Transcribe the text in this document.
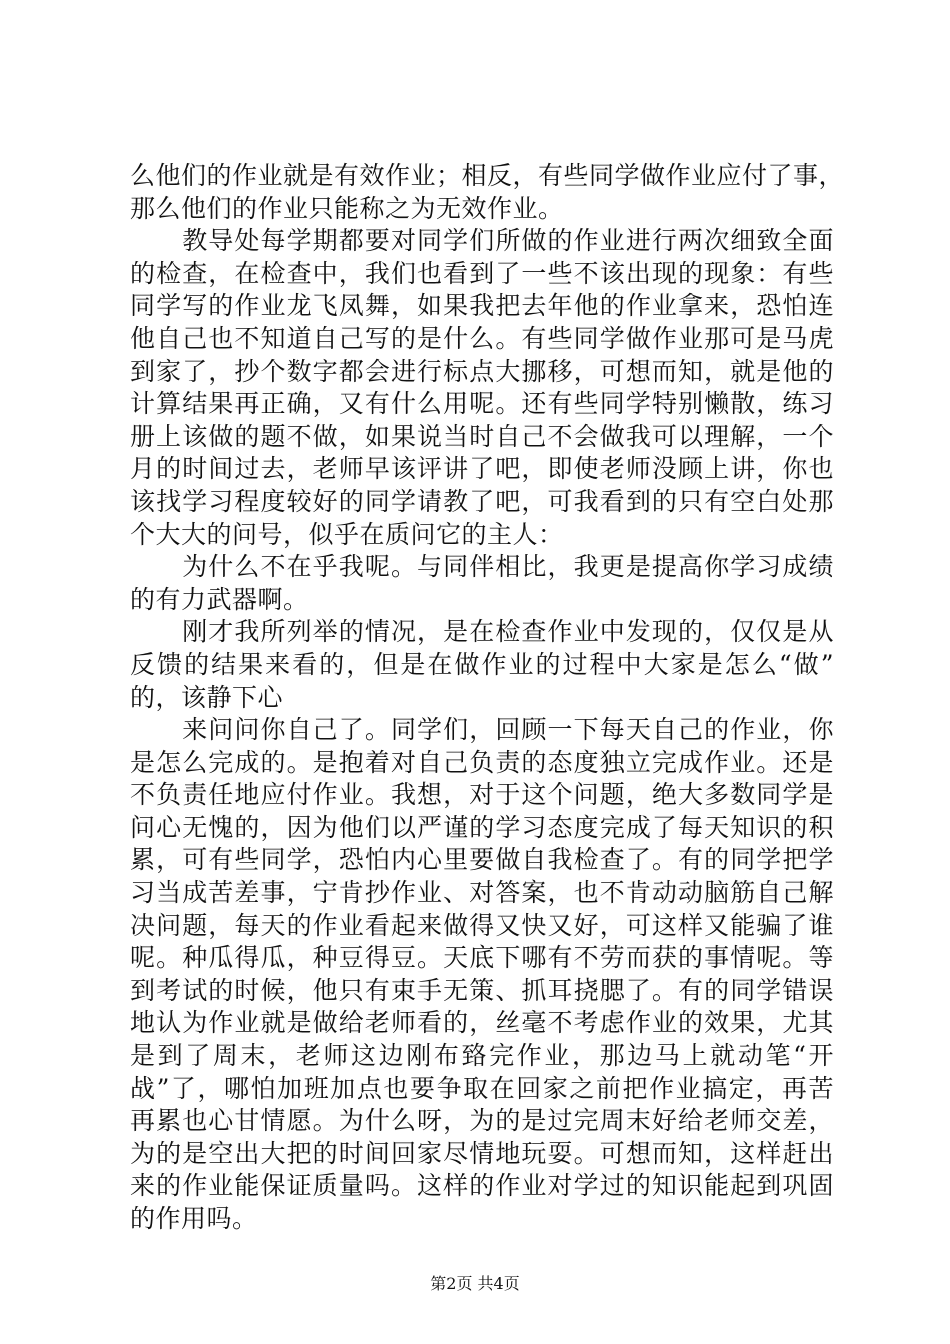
么他们的作业就是有效作业；相反，有些同学做作业应付了事，
那么他们的作业只能称之为无效作业。
　　教导处每学期都要对同学们所做的作业进行两次细致全面
的检查，在检查中，我们也看到了一些不该出现的现象：有些
同学写的作业龙飞凤舞，如果我把去年他的作业拿来，恐怕连
他自己也不知道自己写的是什么。有些同学做作业那可是马虎
到家了，抄个数字都会进行标点大挪移，可想而知，就是他的
计算结果再正确，又有什么用呢。还有些同学特别懒散，练习
册上该做的题不做，如果说当时自己不会做我可以理解，一个
月的时间过去，老师早该评讲了吧，即使老师没顾上讲，你也
该找学习程度较好的同学请教了吧，可我看到的只有空白处那
个大大的问号，似乎在质问它的主人：
　　为什么不在乎我呢。与同伴相比，我更是提高你学习成绩
的有力武器啊。
　　刚才我所列举的情况，是在检查作业中发现的，仅仅是从
反馈的结果来看的，但是在做作业的过程中大家是怎么“做”
的，该静下心
　　来问问你自己了。同学们，回顾一下每天自己的作业，你
是怎么完成的。是抱着对自己负责的态度独立完成作业。还是
不负责任地应付作业。我想，对于这个问题，绝大多数同学是
问心无愧的，因为他们以严谨的学习态度完成了每天知识的积
累，可有些同学，恐怕内心里要做自我检查了。有的同学把学
习当成苦差事，宁肯抄作业、对答案，也不肯动动脑筋自己解
决问题，每天的作业看起来做得又快又好，可这样又能骗了谁
呢。种瓜得瓜，种豆得豆。天底下哪有不劳而获的事情呢。等
到考试的时候，他只有束手无策、抓耳挠腮了。有的同学错误
地认为作业就是做给老师看的，丝毫不考虑作业的效果，尤其
是到了周末，老师这边刚布臵完作业，那边马上就动笔“开
战”了，哪怕加班加点也要争取在回家之前把作业搞定，再苦
再累也心甘情愿。为什么呀，为的是过完周末好给老师交差，
为的是空出大把的时间回家尽情地玩耍。可想而知，这样赶出
来的作业能保证质量吗。这样的作业对学过的知识能起到巩固
的作用吗。
第2页 共4页
